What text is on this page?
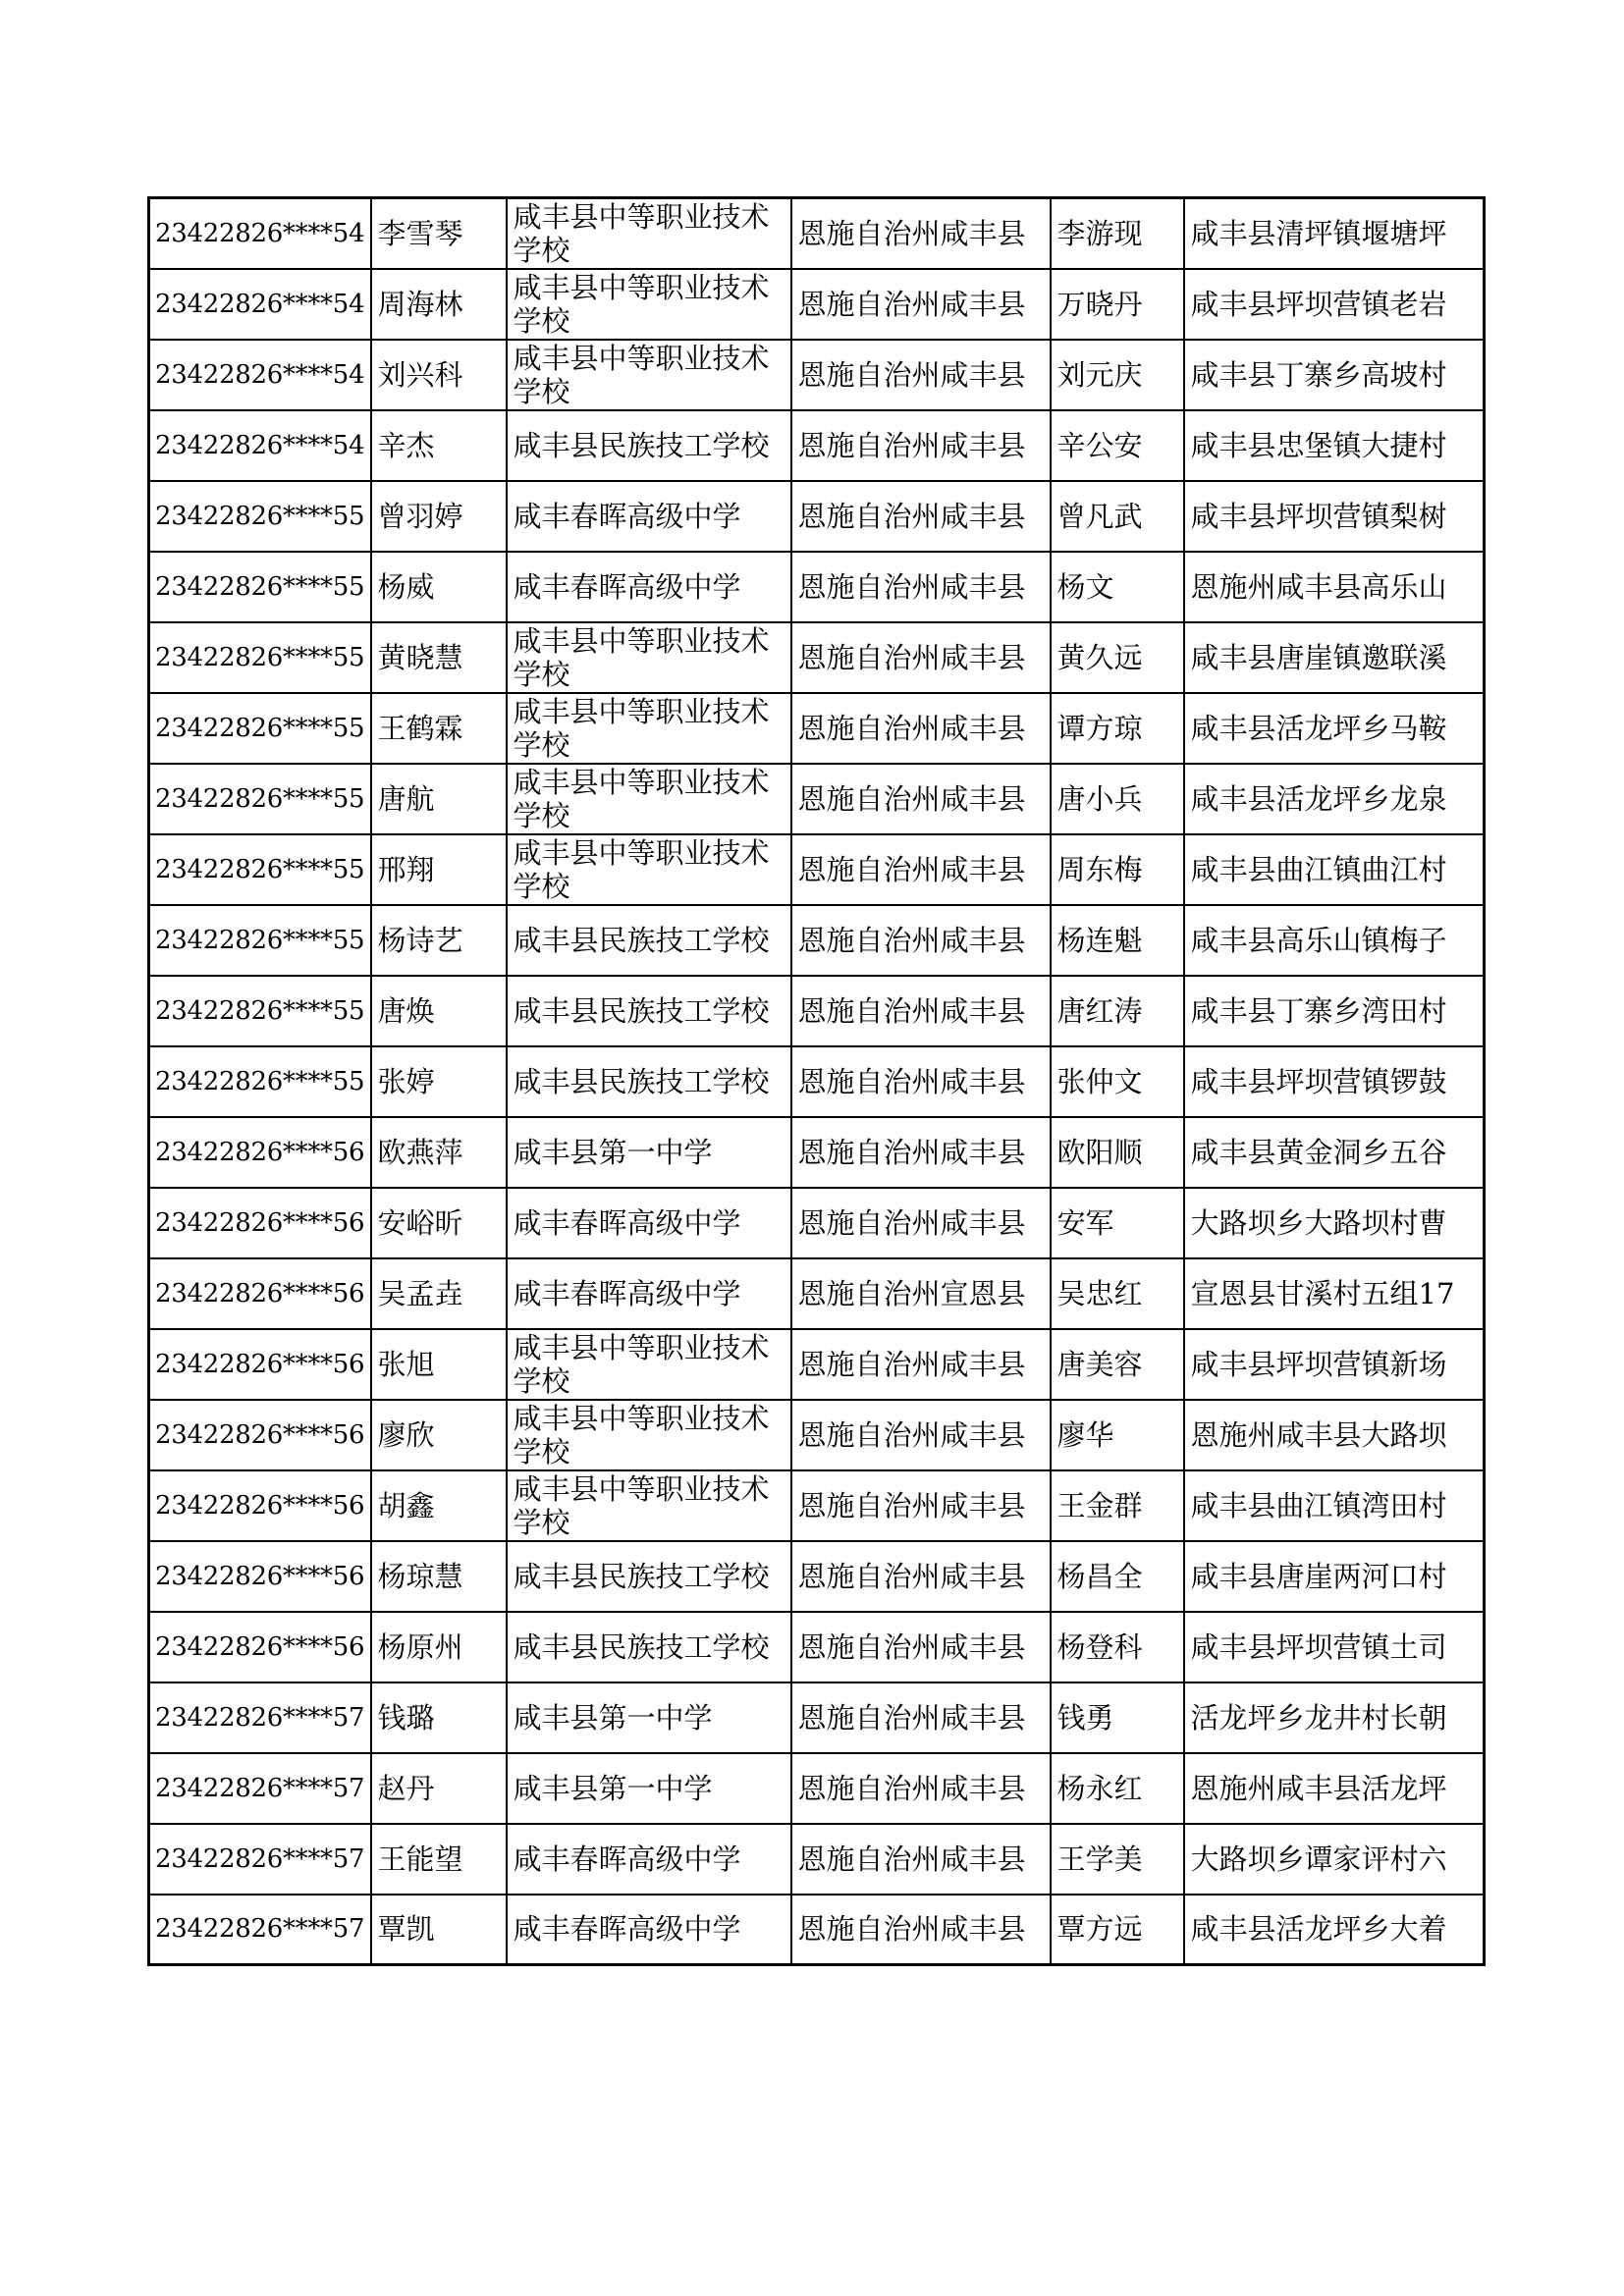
23422826****54	李雪琴	咸丰县中等职业技术学校	恩施自治州咸丰县	李游现	咸丰县清坪镇堰塘坪
23422826****54	周海林	咸丰县中等职业技术学校	恩施自治州咸丰县	万晓丹	咸丰县坪坝营镇老岩
23422826****54	刘兴科	咸丰县中等职业技术学校	恩施自治州咸丰县	刘元庆	咸丰县丁寨乡高坡村
23422826****54	辛杰	咸丰县民族技工学校	恩施自治州咸丰县	辛公安	咸丰县忠堡镇大捷村
23422826****55	曾羽婷	咸丰春晖高级中学	恩施自治州咸丰县	曾凡武	咸丰县坪坝营镇梨树
23422826****55	杨威	咸丰春晖高级中学	恩施自治州咸丰县	杨文	恩施州咸丰县高乐山
23422826****55	黄晓慧	咸丰县中等职业技术学校	恩施自治州咸丰县	黄久远	咸丰县唐崖镇邀联溪
23422826****55	王鹤霖	咸丰县中等职业技术学校	恩施自治州咸丰县	谭方琼	咸丰县活龙坪乡马鞍
23422826****55	唐航	咸丰县中等职业技术学校	恩施自治州咸丰县	唐小兵	咸丰县活龙坪乡龙泉
23422826****55	邢翔	咸丰县中等职业技术学校	恩施自治州咸丰县	周东梅	咸丰县曲江镇曲江村
23422826****55	杨诗艺	咸丰县民族技工学校	恩施自治州咸丰县	杨连魁	咸丰县高乐山镇梅子
23422826****55	唐焕	咸丰县民族技工学校	恩施自治州咸丰县	唐红涛	咸丰县丁寨乡湾田村
23422826****55	张婷	咸丰县民族技工学校	恩施自治州咸丰县	张仲文	咸丰县坪坝营镇锣鼓
23422826****56	欧燕萍	咸丰县第一中学	恩施自治州咸丰县	欧阳顺	咸丰县黄金洞乡五谷
23422826****56	安峪昕	咸丰春晖高级中学	恩施自治州咸丰县	安军	大路坝乡大路坝村曹
23422826****56	吴孟垚	咸丰春晖高级中学	恩施自治州宣恩县	吴忠红	宣恩县甘溪村五组17
23422826****56	张旭	咸丰县中等职业技术学校	恩施自治州咸丰县	唐美容	咸丰县坪坝营镇新场
23422826****56	廖欣	咸丰县中等职业技术学校	恩施自治州咸丰县	廖华	恩施州咸丰县大路坝
23422826****56	胡鑫	咸丰县中等职业技术学校	恩施自治州咸丰县	王金群	咸丰县曲江镇湾田村
23422826****56	杨琼慧	咸丰县民族技工学校	恩施自治州咸丰县	杨昌全	咸丰县唐崖两河口村
23422826****56	杨原州	咸丰县民族技工学校	恩施自治州咸丰县	杨登科	咸丰县坪坝营镇土司
23422826****57	钱璐	咸丰县第一中学	恩施自治州咸丰县	钱勇	活龙坪乡龙井村长朝
23422826****57	赵丹	咸丰县第一中学	恩施自治州咸丰县	杨永红	恩施州咸丰县活龙坪
23422826****57	王能望	咸丰春晖高级中学	恩施自治州咸丰县	王学美	大路坝乡谭家评村六
23422826****57	覃凯	咸丰春晖高级中学	恩施自治州咸丰县	覃方远	咸丰县活龙坪乡大着
